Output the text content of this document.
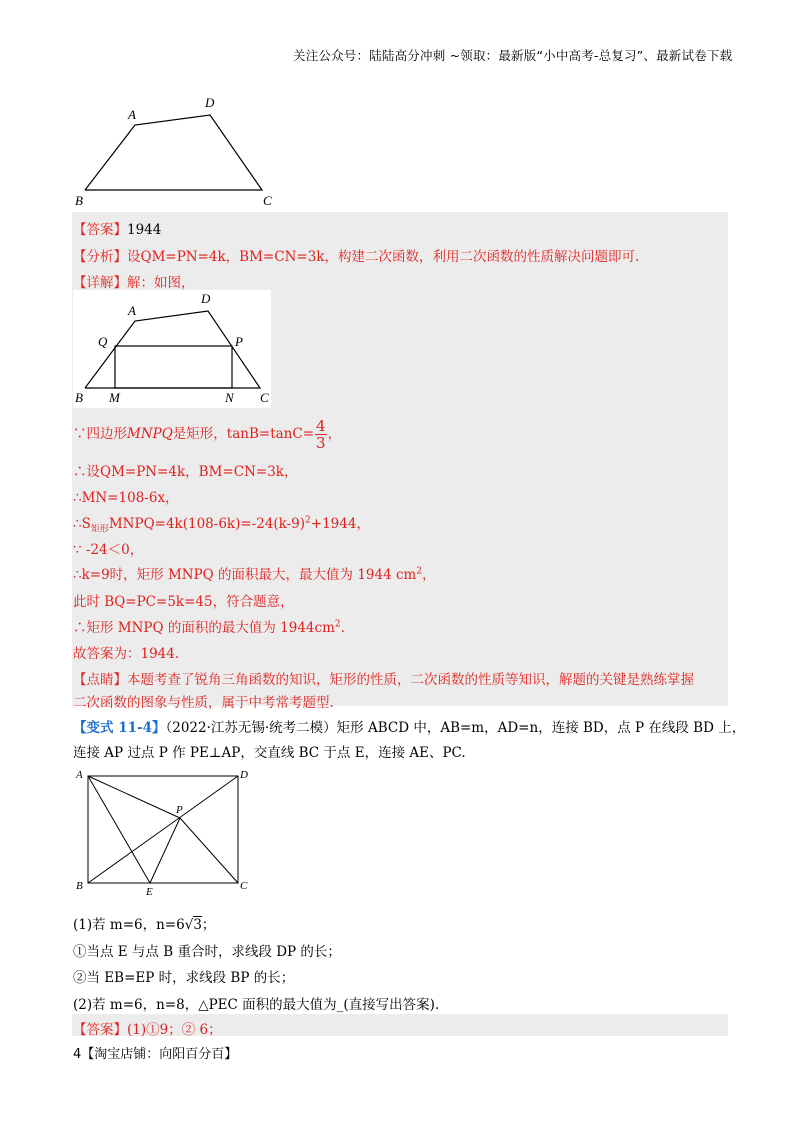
关注公众号：陆陆高分冲刺 ~领取：最新版“小中高考-总复习”、最新试卷下载
A
D
B	C
【答案】1944
【分析】设QM=PN=4k，BM=CN=3k，构建二次函数，利用二次函数的性质解决问题即可.
【详解】解：如图，
A
D
Q	P
B M	N C
∵四边形MNPQ是矩形，$\tan B=\tan C= \frac{4}{3}$ ，
∴设QM=PN=4k，BM=CN=3k，
∴MN=108-6x，
$\therefore S_{矩形}MNPQ=4k(108-6k)=-24(k-9)^2+1944$，
∵ -24＜0，
∴k=9时，矩形 MNPQ 的面积最大，最大值为 1944 $cm^2$，
此时 BQ=PC=5k=45，符合题意，
∴矩形 MNPQ 的面积的最大值为 $1944cm^2$.
故答案为：1944.
【点睛】本题考查了锐角三角函数的知识，矩形的性质，二次函数的性质等知识，解题的关键是熟练掌握
二次函数的图象与性质，属于中考常考题型.
【变式 11-4】（2022·江苏无锡·统考二模）矩形 ABCD 中，AB=m，AD=n，连接 BD，点 P 在线段 BD 上，
连接 AP 过点 P 作 PE⊥AP，交直线 BC 于点 E，连接 AE、PC.
A	D
P
B	E	C
(1)若 m=6，n=6√3；
①当点 E 与点 B 重合时，求线段 DP 的长；
②当 EB=EP 时，求线段 BP 的长；
(2)若 m=6，n=8，△PEC 面积的最大值为_(直接写出答案).
【答案】(1)①9；② 6；
4【淘宝店铺：向阳百分百】
